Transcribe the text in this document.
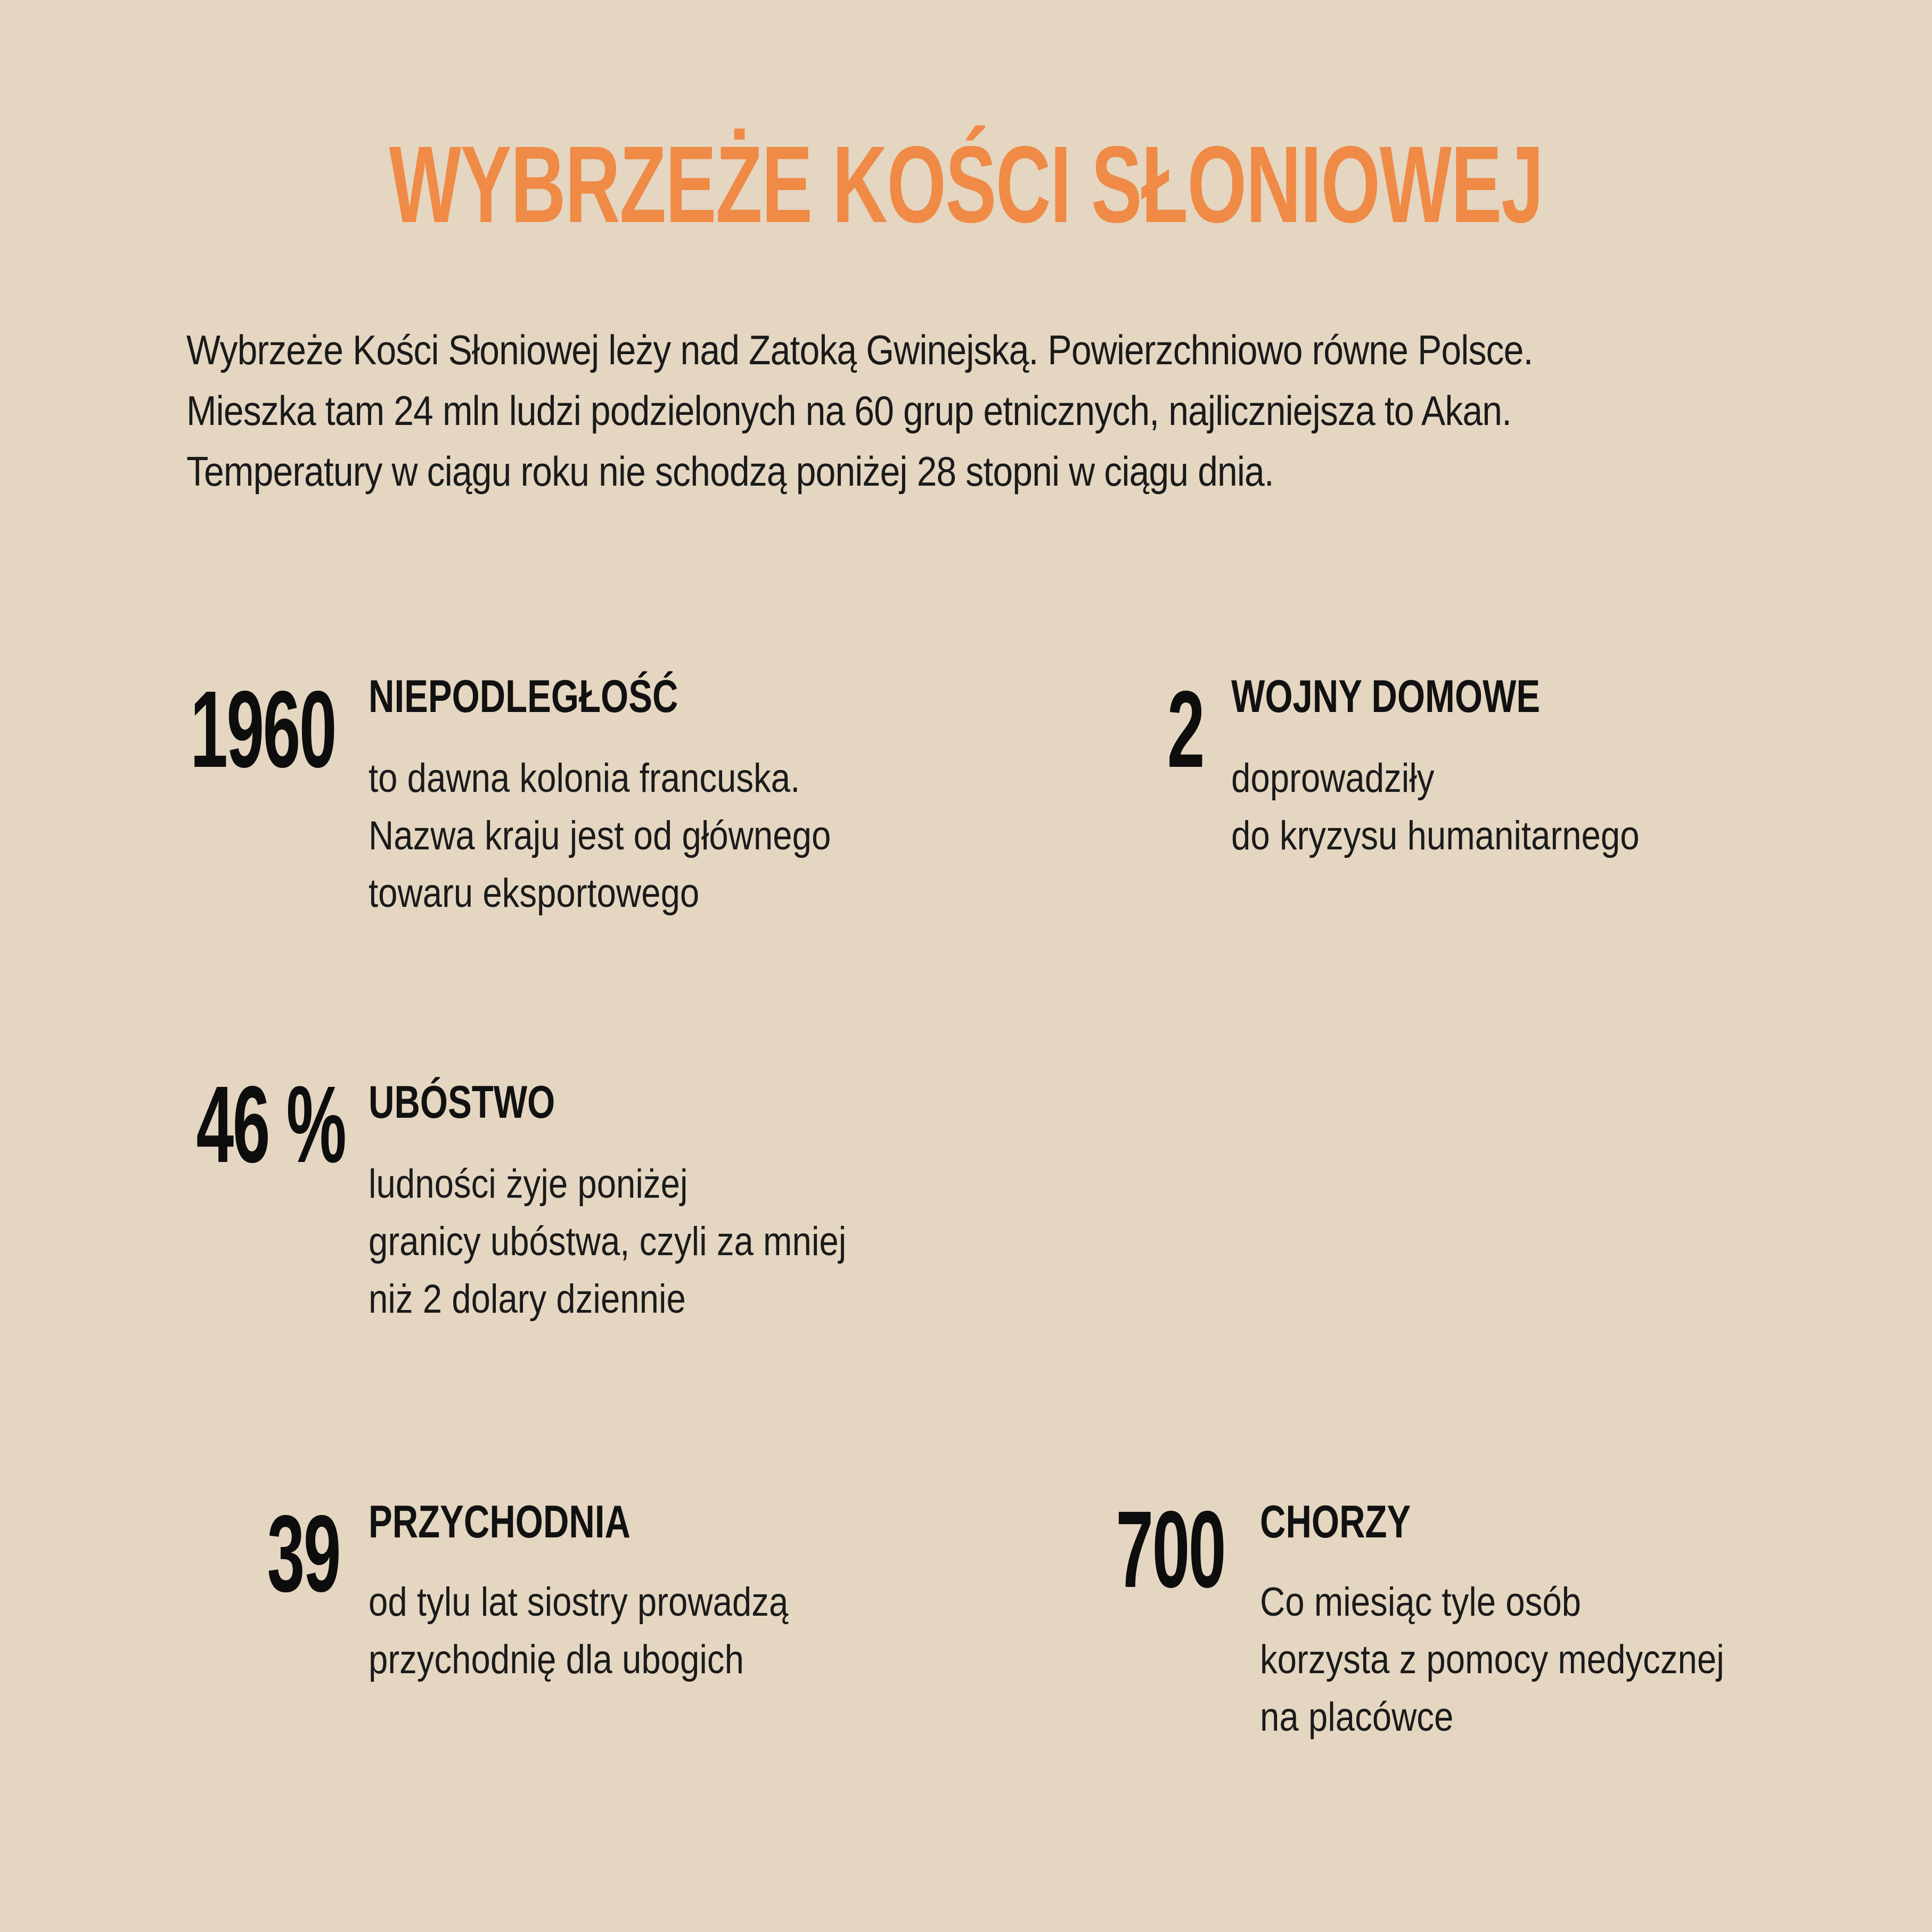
WYBRZEŻE KOŚCI SŁONIOWEJ
Wybrzeże Kości Słoniowej leży nad Zatoką Gwinejską. Powierzchniowo równe Polsce.
Mieszka tam 24 mln ludzi podzielonych na 60 grup etnicznych, najliczniejsza to Akan.
Temperatury w ciągu roku nie schodzą poniżej 28 stopni w ciągu dnia.
1960 NIEPODLEGŁOŚĆ
to dawna kolonia francuska.
Nazwa kraju jest od głównego
towaru eksportowego
2 WOJNY DOMOWE
doprowadziły
do kryzysu humanitarnego
46 % UBÓSTWO
ludności żyje poniżej
granicy ubóstwa, czyli za mniej
niż 2 dolary dziennie
39 PRZYCHODNIA
od tylu lat siostry prowadzą
przychodnię dla ubogich
700 CHORZY
Co miesiąc tyle osób
korzysta z pomocy medycznej
na placówce
